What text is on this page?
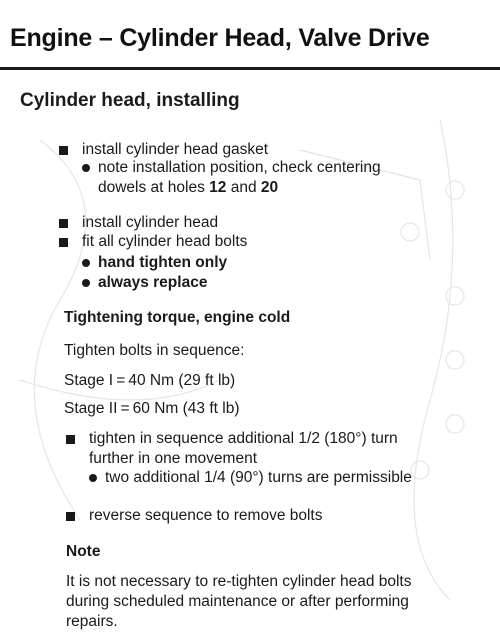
Engine – Cylinder Head, Valve Drive
Cylinder head, installing
install cylinder head gasket
note installation position, check centering
dowels at holes 12 and 20
install cylinder head
fit all cylinder head bolts
hand tighten only
always replace
Tightening torque, engine cold
Tighten bolts in sequence:
Stage I = 40 Nm (29 ft lb)
Stage II = 60 Nm (43 ft lb)
tighten in sequence additional 1/2 (180°) turn
further in one movement
two additional 1/4 (90°) turns are permissible
reverse sequence to remove bolts
Note
It is not necessary to re-tighten cylinder head bolts
during scheduled maintenance or after performing
repairs.
